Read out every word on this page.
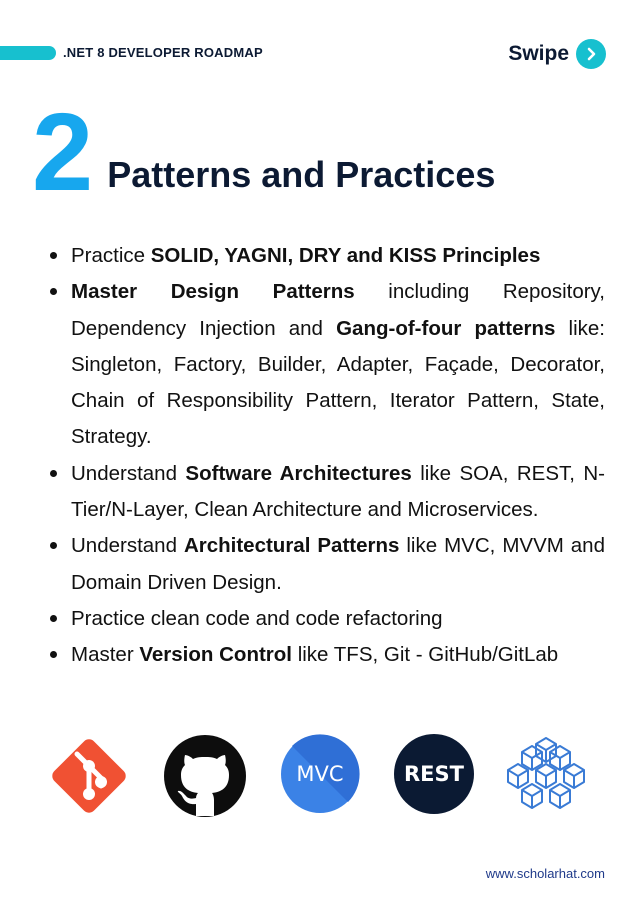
.NET 8 DEVELOPER ROADMAP	Swipe
2 Patterns and Practices
Practice SOLID, YAGNI, DRY and KISS Principles
Master Design Patterns including Repository, Dependency Injection and Gang-of-four patterns like: Singleton, Factory, Builder, Adapter, Façade, Decorator, Chain of Responsibility Pattern, Iterator Pattern, State, Strategy.
Understand Software Architectures like SOA, REST, N-Tier/N-Layer, Clean Architecture and Microservices.
Understand Architectural Patterns like MVC, MVVM and Domain Driven Design.
Practice clean code and code refactoring
Master Version Control like TFS, Git - GitHub/GitLab
MVC	REST
www.scholarhat.com
